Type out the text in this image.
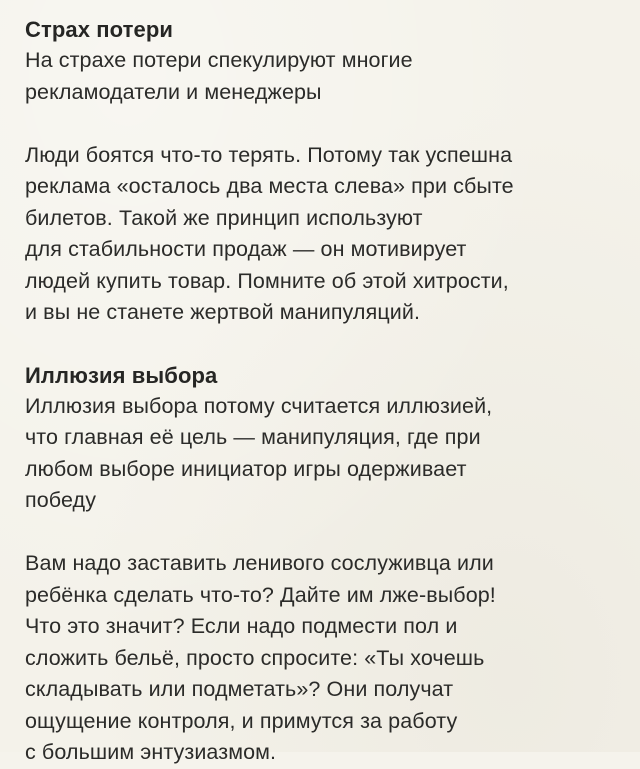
Страх потери

На страхе потери спекулируют многие

рекламодатели и менеджеры

Люди боятся что-то терять. Потому так успешна

реклама «осталось два места слева» при сбыте

билетов. Такой же принцип используют

для стабильности продаж — он мотивирует

людей купить товар. Помните об этой хитрости,

и вы не станете жертвой манипуляций.

Иллюзия выбора

Иллюзия выбора потому считается иллюзией,

что главная её цель — манипуляция, где при

любом выборе инициатор игры одерживает

победу

Вам надо заставить ленивого сослуживца или

ребёнка сделать что-то? Дайте им лже-выбор!

Что это значит? Если надо подмести пол и

сложить бельё, просто спросите: «Ты хочешь

складывать или подметать»? Они получат

ощущение контроля, и примутся за работу

с большим энтузиазмом.
